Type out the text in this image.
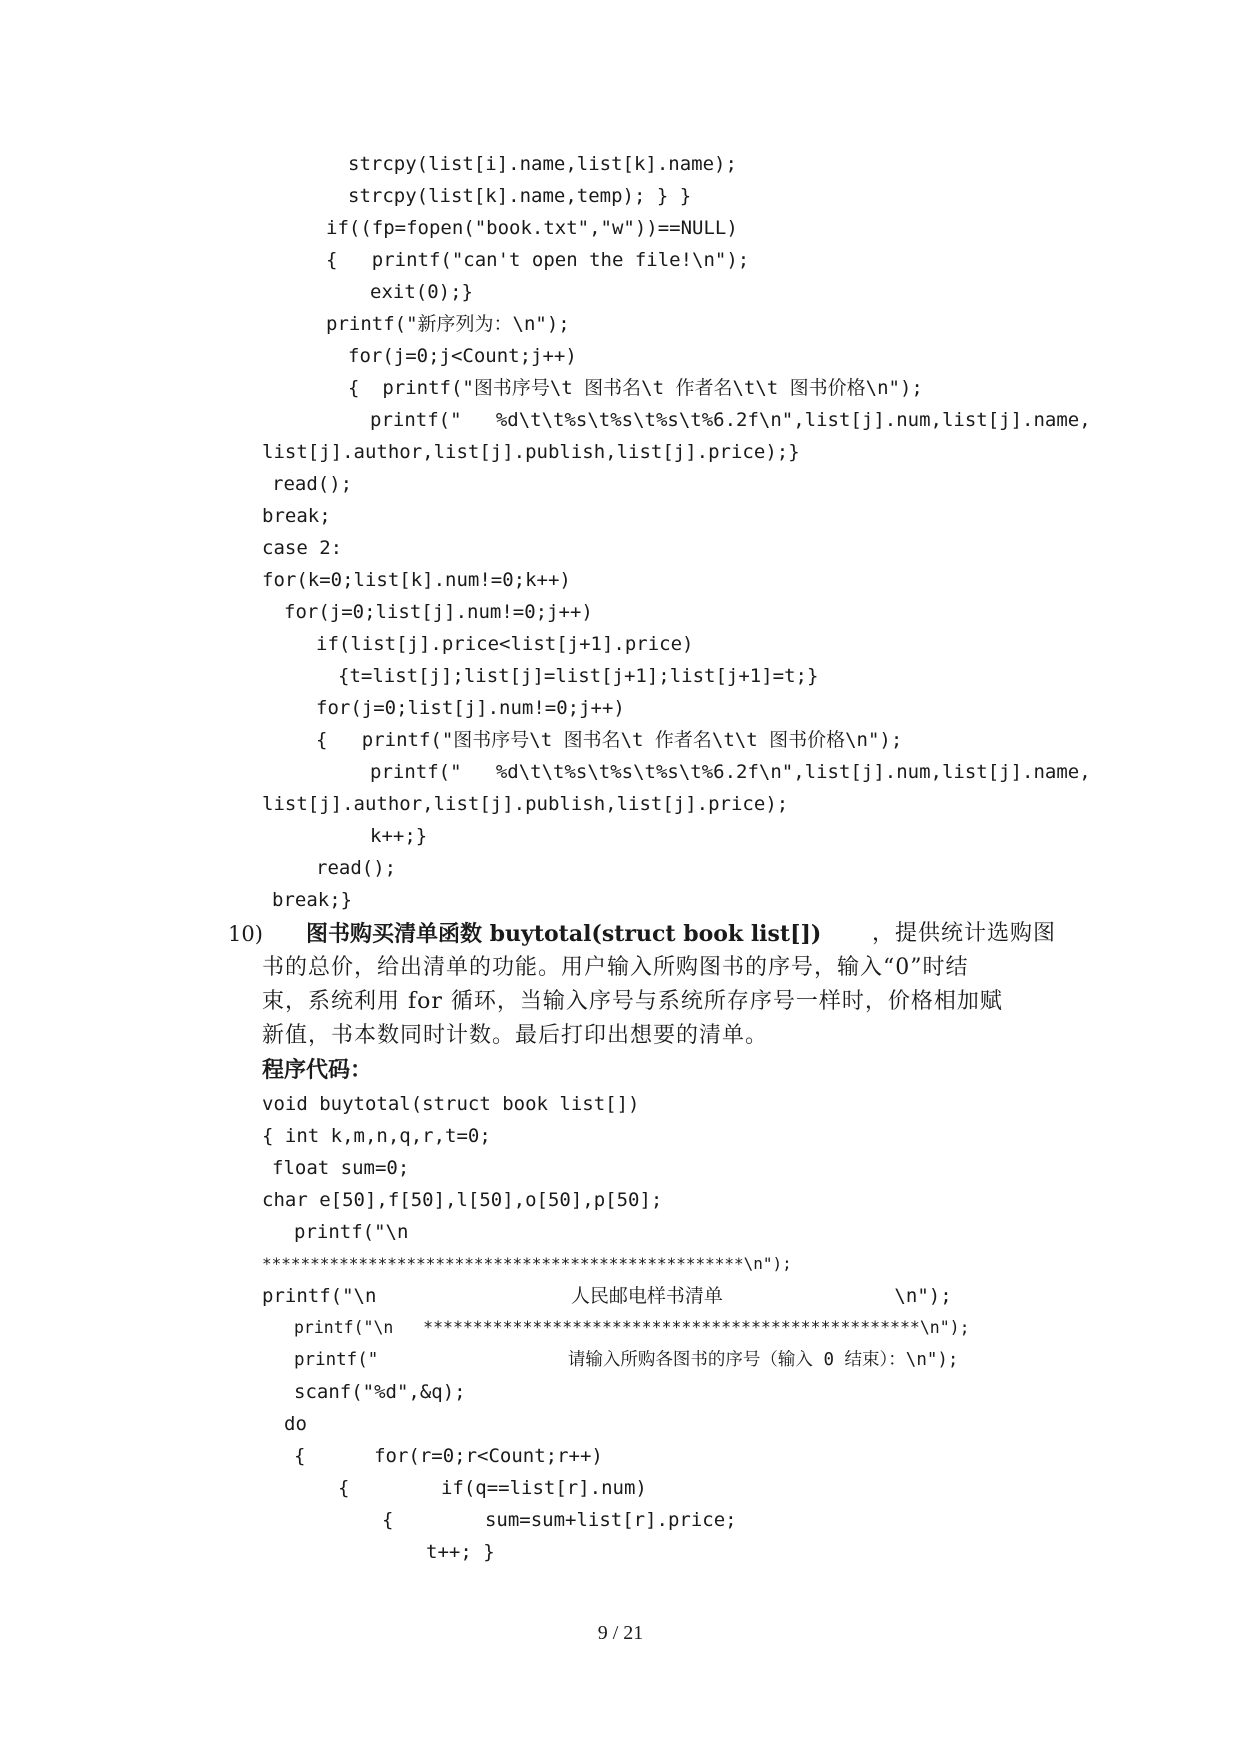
strcpy(list[i].name,list[k].name);
strcpy(list[k].name,temp); } }
if((fp=fopen("book.txt","w"))==NULL)
{   printf("can't open the file!\n");
exit(0);}
printf("新序列为：\n");
for(j=0;j<Count;j++)
{  printf("图书序号\t 图书名\t 作者名\t\t 图书价格\n");
printf("   %d\t\t%s\t%s\t%s\t%6.2f\n",list[j].num,list[j].name,
list[j].author,list[j].publish,list[j].price);}
read();
break;
case 2:
for(k=0;list[k].num!=0;k++)
for(j=0;list[j].num!=0;j++)
if(list[j].price<list[j+1].price)
{t=list[j];list[j]=list[j+1];list[j+1]=t;}
for(j=0;list[j].num!=0;j++)
{   printf("图书序号\t 图书名\t 作者名\t\t 图书价格\n");
printf("   %d\t\t%s\t%s\t%s\t%6.2f\n",list[j].num,list[j].name,
list[j].author,list[j].publish,list[j].price);
k++;}
read();
break;}
10) 图书购买清单函数 buytotal(struct book list[]) ，提供统计选购图
书的总价，给出清单的功能。用户输入所购图书的序号，输入“0”时结
束，系统利用 for 循环，当输入序号与系统所存序号一样时，价格相加赋
新值，书本数同时计数。最后打印出想要的清单。
程序代码：
void buytotal(struct book list[])
{ int k,m,n,q,r,t=0;
float sum=0;
char e[50],f[50],l[50],o[50],p[50];
printf("\n
**************************************************\n");
printf("\n                 人民邮电样书清单               \n");
printf("\n   **************************************************\n");
printf("                  请输入所购各图书的序号（输入 0 结束）：\n");
scanf("%d",&q);
do
{      for(r=0;r<Count;r++)
{        if(q==list[r].num)
{        sum=sum+list[r].price;
t++; }
9 / 21
